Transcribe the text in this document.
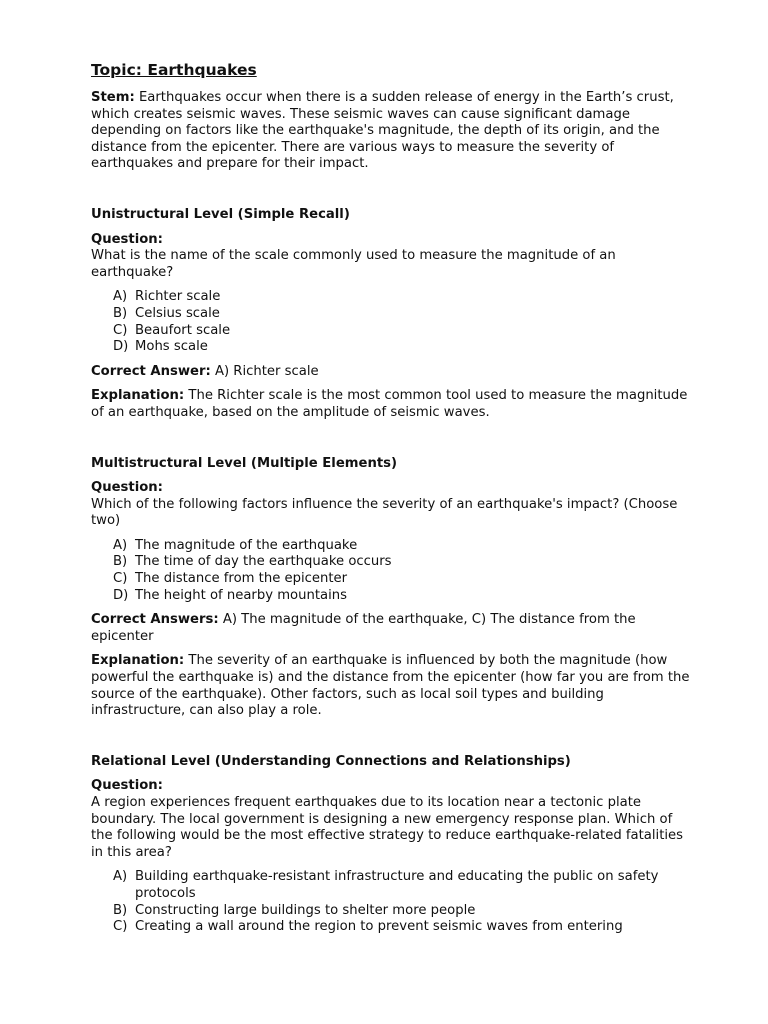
Topic: Earthquakes

Stem: Earthquakes occur when there is a sudden release of energy in the Earth’s crust, which creates seismic waves. These seismic waves can cause significant damage depending on factors like the earthquake's magnitude, the depth of its origin, and the distance from the epicenter. There are various ways to measure the severity of earthquakes and prepare for their impact.

Unistructural Level (Simple Recall)

Question:

What is the name of the scale commonly used to measure the magnitude of an earthquake?

A) Richter scale
B) Celsius scale
C) Beaufort scale
D) Mohs scale

Correct Answer: A) Richter scale

Explanation: The Richter scale is the most common tool used to measure the magnitude of an earthquake, based on the amplitude of seismic waves.

Multistructural Level (Multiple Elements)

Question:

Which of the following factors influence the severity of an earthquake's impact? (Choose two)

A) The magnitude of the earthquake
B) The time of day the earthquake occurs
C) The distance from the epicenter
D) The height of nearby mountains

Correct Answers: A) The magnitude of the earthquake, C) The distance from the epicenter

Explanation: The severity of an earthquake is influenced by both the magnitude (how powerful the earthquake is) and the distance from the epicenter (how far you are from the source of the earthquake). Other factors, such as local soil types and building infrastructure, can also play a role.

Relational Level (Understanding Connections and Relationships)

Question:

A region experiences frequent earthquakes due to its location near a tectonic plate boundary. The local government is designing a new emergency response plan. Which of the following would be the most effective strategy to reduce earthquake-related fatalities in this area?

A) Building earthquake-resistant infrastructure and educating the public on safety protocols
B) Constructing large buildings to shelter more people
C) Creating a wall around the region to prevent seismic waves from entering
